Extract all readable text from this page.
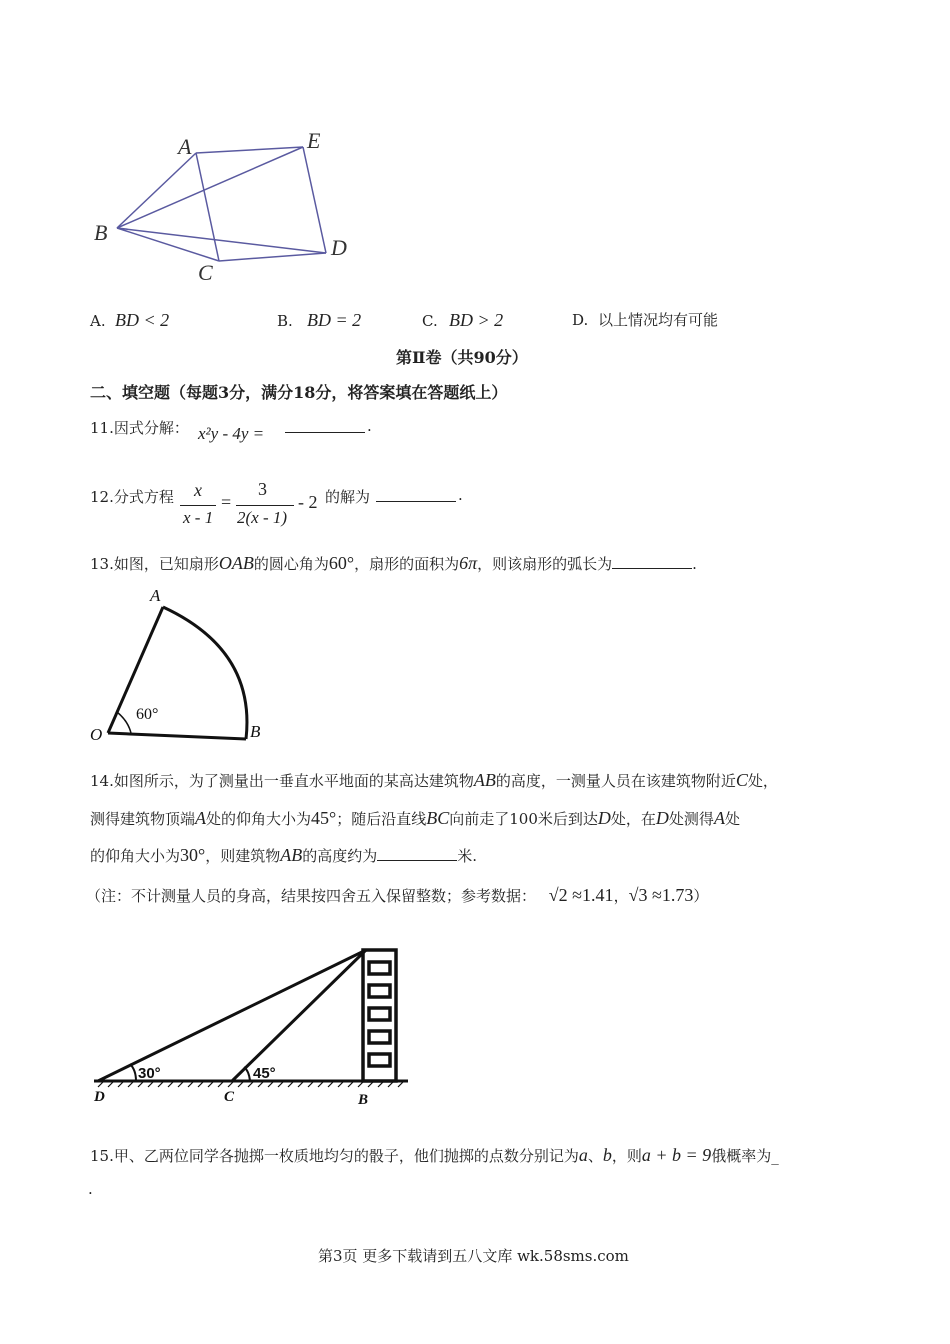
A	E
B
D
C
A. BD < 2	B. BD = 2	C. BD > 2	D. 以上情况均有可能
第Ⅱ卷（共90分）
二、填空题（每题3分，满分18分，将答案填在答题纸上）
11.因式分解： x²y - 4y =	.
12.分式方程 x
x - 1
=
3
2(x - 1)
- 2 的解为	.
13.如图，已知扇形OAB的圆心角为60°，扇形的面积为6π，则该扇形的弧长为	.
A
O	B
60°
14.如图所示，为了测量出一垂直水平地面的某高达建筑物AB的高度，一测量人员在该建筑物附近C处，
测得建筑物顶端A处的仰角大小为45°；随后沿直线BC向前走了100米后到达D处，在D处测得A处
的仰角大小为30°，则建筑物AB的高度约为	米.
（注：不计测量人员的身高，结果按四舍五入保留整数；参考数据： √2 ≈1.41，√3 ≈1.73）
30°	45°
D	C	B
15.甲、乙两位同学各抛掷一枚质地均匀的骰子，他们抛掷的点数分别记为a、b，则a + b = 9俄概率为_
.
第3页 更多下载请到五八文库 wk.58sms.com
